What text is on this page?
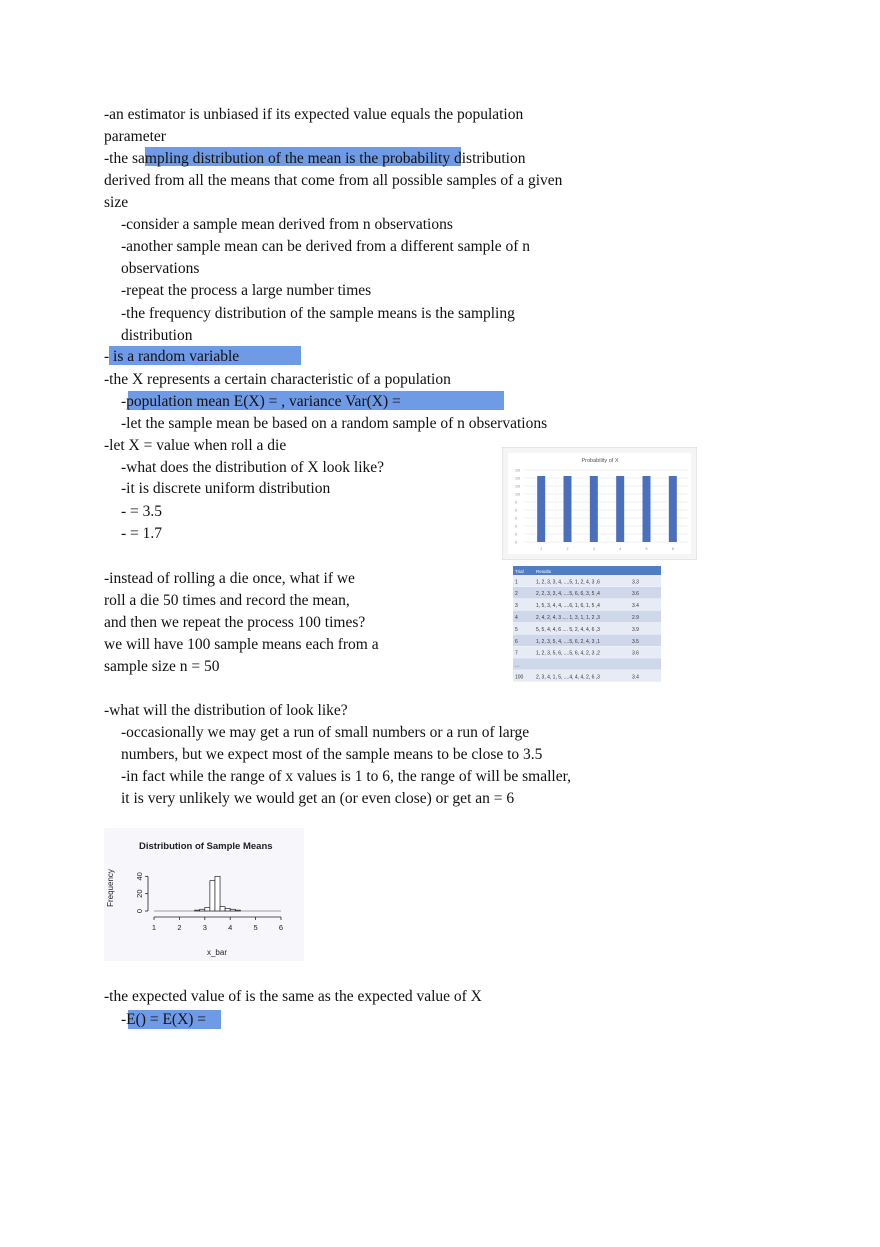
-an estimator is unbiased if its expected value equals the population
parameter
-the sampling distribution of the mean is the probability distribution
derived from all the means that come from all possible samples of a given
size
-consider a sample mean derived from n observations
-another sample mean can be derived from a different sample of n
observations
-repeat the process a large number times
-the frequency distribution of the sample means is the sampling
distribution
- is a random variable
-the X represents a certain characteristic of a population
-population mean E(X) = , variance Var(X) =
-let the sample mean be based on a random sample of n observations
-let X = value when roll a die
-what does the distribution of X look like?
-it is discrete uniform distribution
- = 3.5
- = 1.7
-instead of rolling a die once, what if we
roll a die 50 times and record the mean,
and then we repeat the process 100 times?
we will have 100 sample means each from a
sample size n = 50
-what will the distribution of look like?
-occasionally we may get a run of small numbers or a run of large
numbers, but we expect most of the sample means to be close to 3.5
-in fact while the range of x values is 1 to 6, the range of will be smaller,
it is very unlikely we would get an (or even close) or get an = 6
-the expected value of is the same as the expected value of X
-E() = E(X) =
Probability of X
1/6
1/6
1/6
1/6
0
0
0
0
0
0
1	2	3	4	5	6
Trial	Results
1	1, 2, 3, 3, 4, ....5, 1, 2, 4, 3 ,6	3.3
2	2, 2, 3, 3, 4, ....5, 6, 6, 3, 5 ,4	3.6
3	1, 5, 3, 4, 4, ....6, 1, 6, 1, 5 ,4	3.4
4	2, 4, 2, 4, 3 .... 1, 3, 1, 1, 2 ,3	2.9
5	5, 5, 4, 4, 6 .... 5, 2, 4, 4, 6 ,3	3.9
6	1, 2, 3, 5, 4, ....5, 6, 2, 4, 3 ,1	3.5
7	1, 2, 3, 5, 6, ....5, 6, 4, 2, 3 ,2	3.6
...
100	2, 3, 4, 1, 5, ....4, 4, 4, 2, 6 ,3	3.4
Distribution of Sample Means
Frequency
x_bar
1	2	3	4	5	6
0
20
40
